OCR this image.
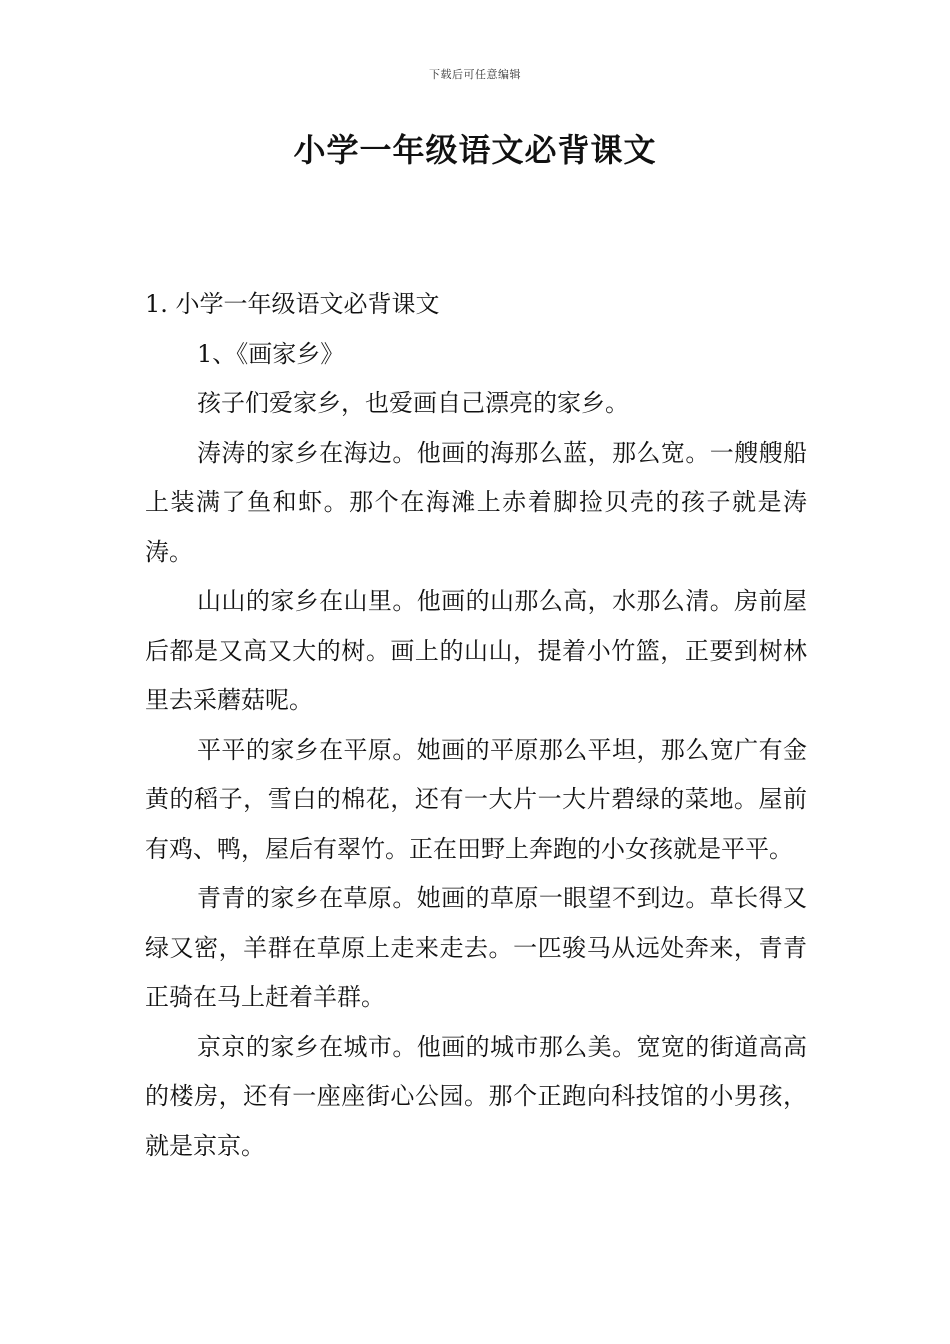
下载后可任意编辑
小学一年级语文必背课文

1. 小学一年级语文必背课文

1、《画家乡》

孩子们爱家乡，也爱画自己漂亮的家乡。

涛涛的家乡在海边。他画的海那么蓝，那么宽。一艘艘船上装满了鱼和虾。那个在海滩上赤着脚捡贝壳的孩子就是涛涛。

山山的家乡在山里。他画的山那么高，水那么清。房前屋后都是又高又大的树。画上的山山，提着小竹篮，正要到树林里去采蘑菇呢。

平平的家乡在平原。她画的平原那么平坦，那么宽广有金黄的稻子，雪白的棉花，还有一大片一大片碧绿的菜地。屋前有鸡、鸭，屋后有翠竹。正在田野上奔跑的小女孩就是平平。

青青的家乡在草原。她画的草原一眼望不到边。草长得又绿又密，羊群在草原上走来走去。一匹骏马从远处奔来，青青正骑在马上赶着羊群。

京京的家乡在城市。他画的城市那么美。宽宽的街道高高的楼房，还有一座座街心公园。那个正跑向科技馆的小男孩，就是京京。
